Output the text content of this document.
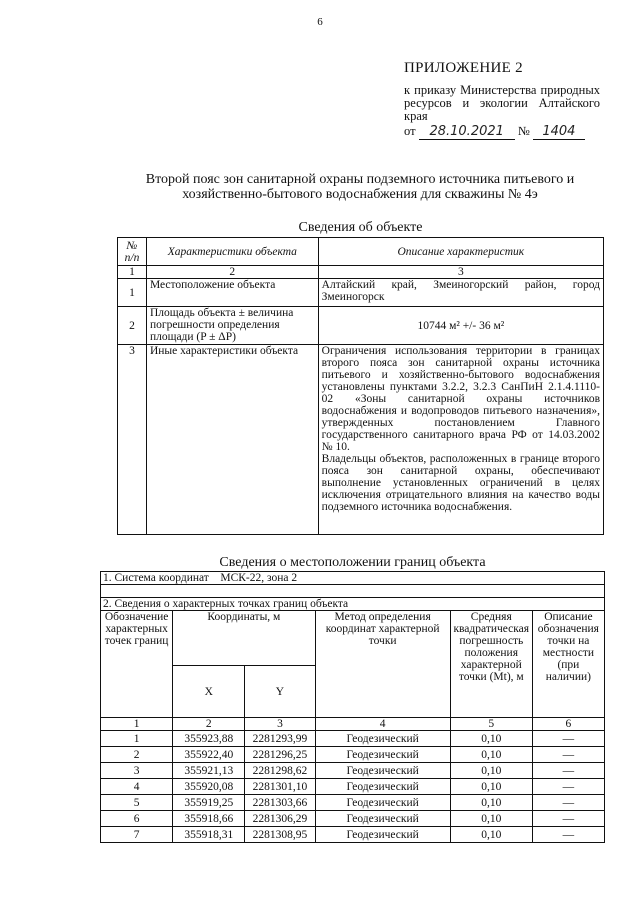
6
ПРИЛОЖЕНИЕ 2
к приказу Министерства природных ресурсов и экологии Алтайского края
от 28.10.2021 № 1404
Второй пояс зон санитарной охраны подземного источника питьевого и хозяйственно-бытового водоснабжения для скважины № 4э
Сведения об объекте
№ п/п	Характеристики объекта	Описание характеристик
1	2	3
1	Местоположение объекта	Алтайский край, Змеиногорский район, город Змеиногорск
2	Площадь объекта ± величина погрешности определения площади (P ± ΔP)	10744 м² +/- 36 м²
3	Иные характеристики объекта	Ограничения использования территории в границах второго пояса зон санитарной охраны источника питьевого и хозяйственно-бытового водоснабжения установлены пунктами 3.2.2, 3.2.3 СанПиН 2.1.4.1110-02 «Зоны санитарной охраны источников водоснабжения и водопроводов питьевого назначения», утвержденных постановлением Главного государственного санитарного врача РФ от 14.03.2002 № 10.
Владельцы объектов, расположенных в границе второго пояса зон санитарной охраны, обеспечивают выполнение установленных ограничений в целях исключения отрицательного влияния на качество воды подземного источника водоснабжения.
Сведения о местоположении границ объекта
1. Система координат МСК-22, зона 2					

2. Сведения о характерных точках границ объекта					
Обозначение характерных точек границ	Координаты, м		Метод определения координат характерной точки	Средняя квадратическая погрешность положения характерной точки (Mt), м	Описание обозначения точки на местности (при наличии)
	X	Y			
1	2	3	4	5	6
1	355923,88	2281293,99	Геодезический	0,10	—
2	355922,40	2281296,25	Геодезический	0,10	—
3	355921,13	2281298,62	Геодезический	0,10	—
4	355920,08	2281301,10	Геодезический	0,10	—
5	355919,25	2281303,66	Геодезический	0,10	—
6	355918,66	2281306,29	Геодезический	0,10	—
7	355918,31	2281308,95	Геодезический	0,10	—
